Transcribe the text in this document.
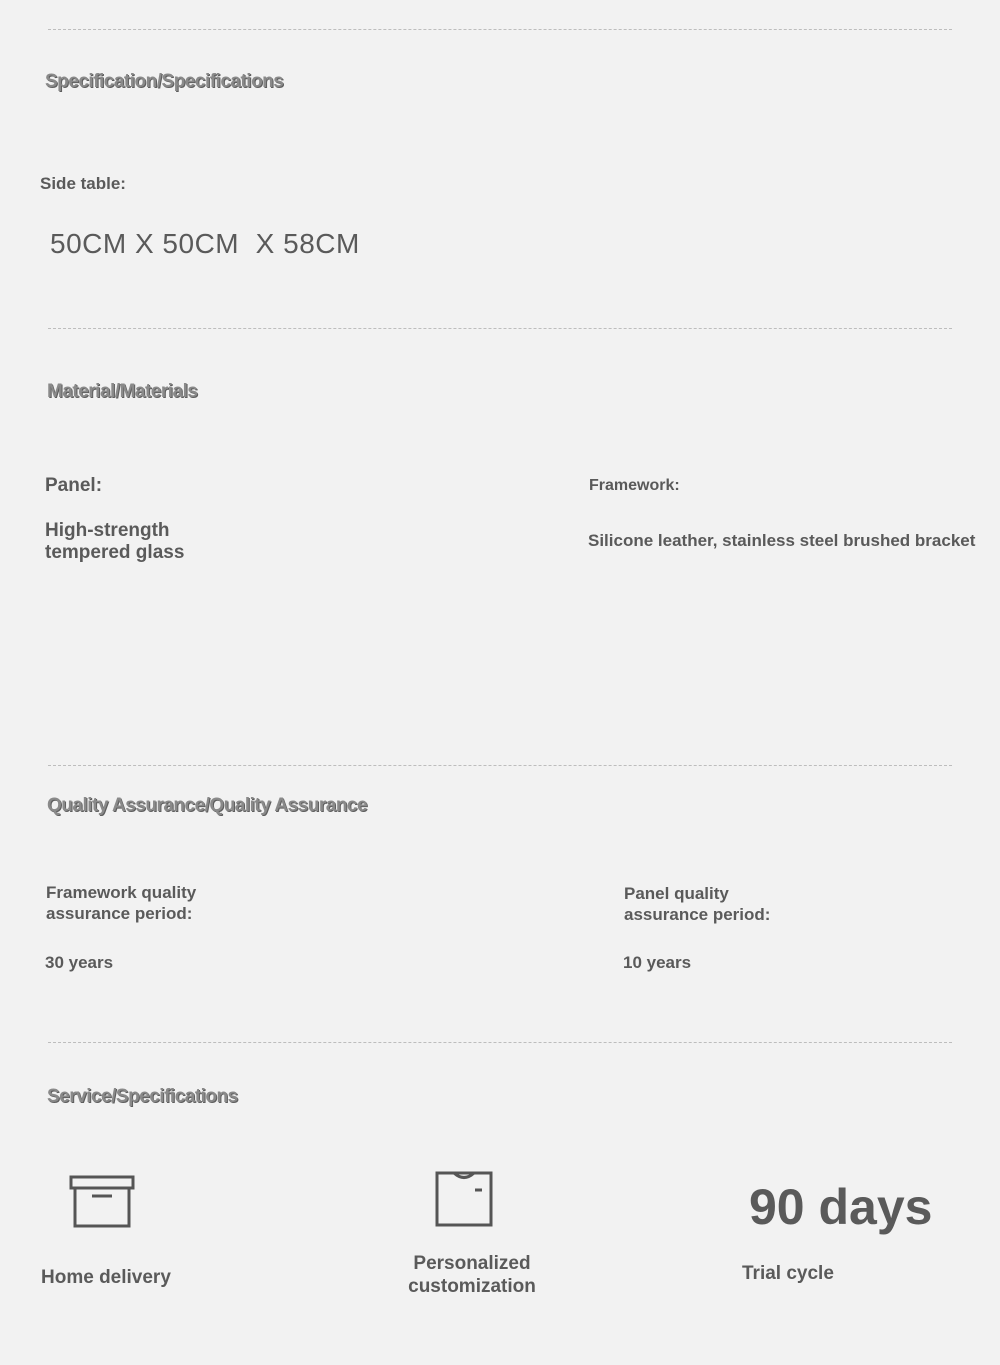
Specification/Specifications
Side table:
50CM X 50CM  X 58CM
Material/Materials
Panel:
High-strength
tempered glass
Framework:
Silicone leather, stainless steel brushed bracket
Quality Assurance/Quality Assurance
Framework quality
assurance period:
30 years
Panel quality
assurance period:
10 years
Service/Specifications
Home delivery
Personalized
customization
90 days
Trial cycle
